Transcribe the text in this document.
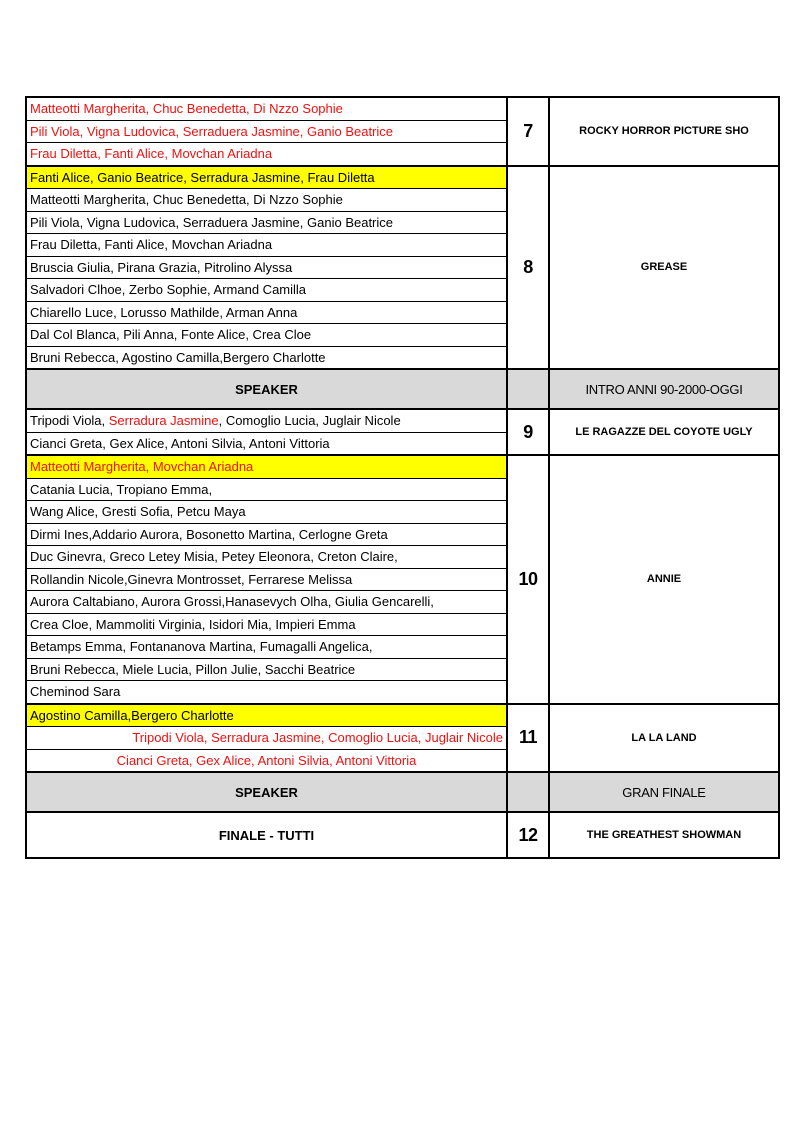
Matteotti Margherita, Chuc Benedetta, Di Nzzo Sophie
Pili Viola, Vigna Ludovica, Serraduera Jasmine, Ganio Beatrice
Frau Diletta, Fanti Alice, Movchan Ariadna
7	ROCKY HORROR PICTURE SHO
Fanti Alice, Ganio Beatrice, Serradura Jasmine, Frau Diletta
Matteotti Margherita, Chuc Benedetta, Di Nzzo Sophie
Pili Viola, Vigna Ludovica, Serraduera Jasmine, Ganio Beatrice
Frau Diletta, Fanti Alice, Movchan Ariadna
Bruscia Giulia, Pirana Grazia, Pitrolino Alyssa
Salvadori Clhoe, Zerbo Sophie, Armand Camilla
Chiarello Luce, Lorusso Mathilde, Arman Anna
Dal Col Blanca, Pili Anna, Fonte Alice, Crea Cloe
Bruni Rebecca, Agostino Camilla,Bergero Charlotte
8	GREASE
SPEAKER	INTRO ANNI 90-2000-OGGI
Tripodi Viola, Serradura Jasmine, Comoglio Lucia, Juglair Nicole
Cianci Greta, Gex Alice, Antoni Silvia, Antoni Vittoria
9	LE RAGAZZE DEL COYOTE UGLY
Matteotti Margherita, Movchan Ariadna
Catania Lucia, Tropiano Emma,
Wang Alice, Gresti Sofia, Petcu Maya
Dirmi Ines,Addario Aurora, Bosonetto Martina, Cerlogne Greta
Duc Ginevra, Greco Letey Misia, Petey Eleonora, Creton Claire,
Rollandin Nicole,Ginevra Montrosset, Ferrarese Melissa
Aurora Caltabiano, Aurora Grossi,Hanasevych Olha, Giulia Gencarelli,
Crea Cloe, Mammoliti Virginia, Isidori Mia, Impieri Emma
Betamps Emma, Fontananova Martina, Fumagalli Angelica,
Bruni Rebecca, Miele Lucia, Pillon Julie, Sacchi Beatrice
Cheminod Sara
10	ANNIE
Agostino Camilla,Bergero Charlotte
Tripodi Viola, Serradura Jasmine, Comoglio Lucia, Juglair Nicole
Cianci Greta, Gex Alice, Antoni Silvia, Antoni Vittoria
11	LA LA LAND
SPEAKER	GRAN FINALE
FINALE - TUTTI	12	THE GREATHEST SHOWMAN
